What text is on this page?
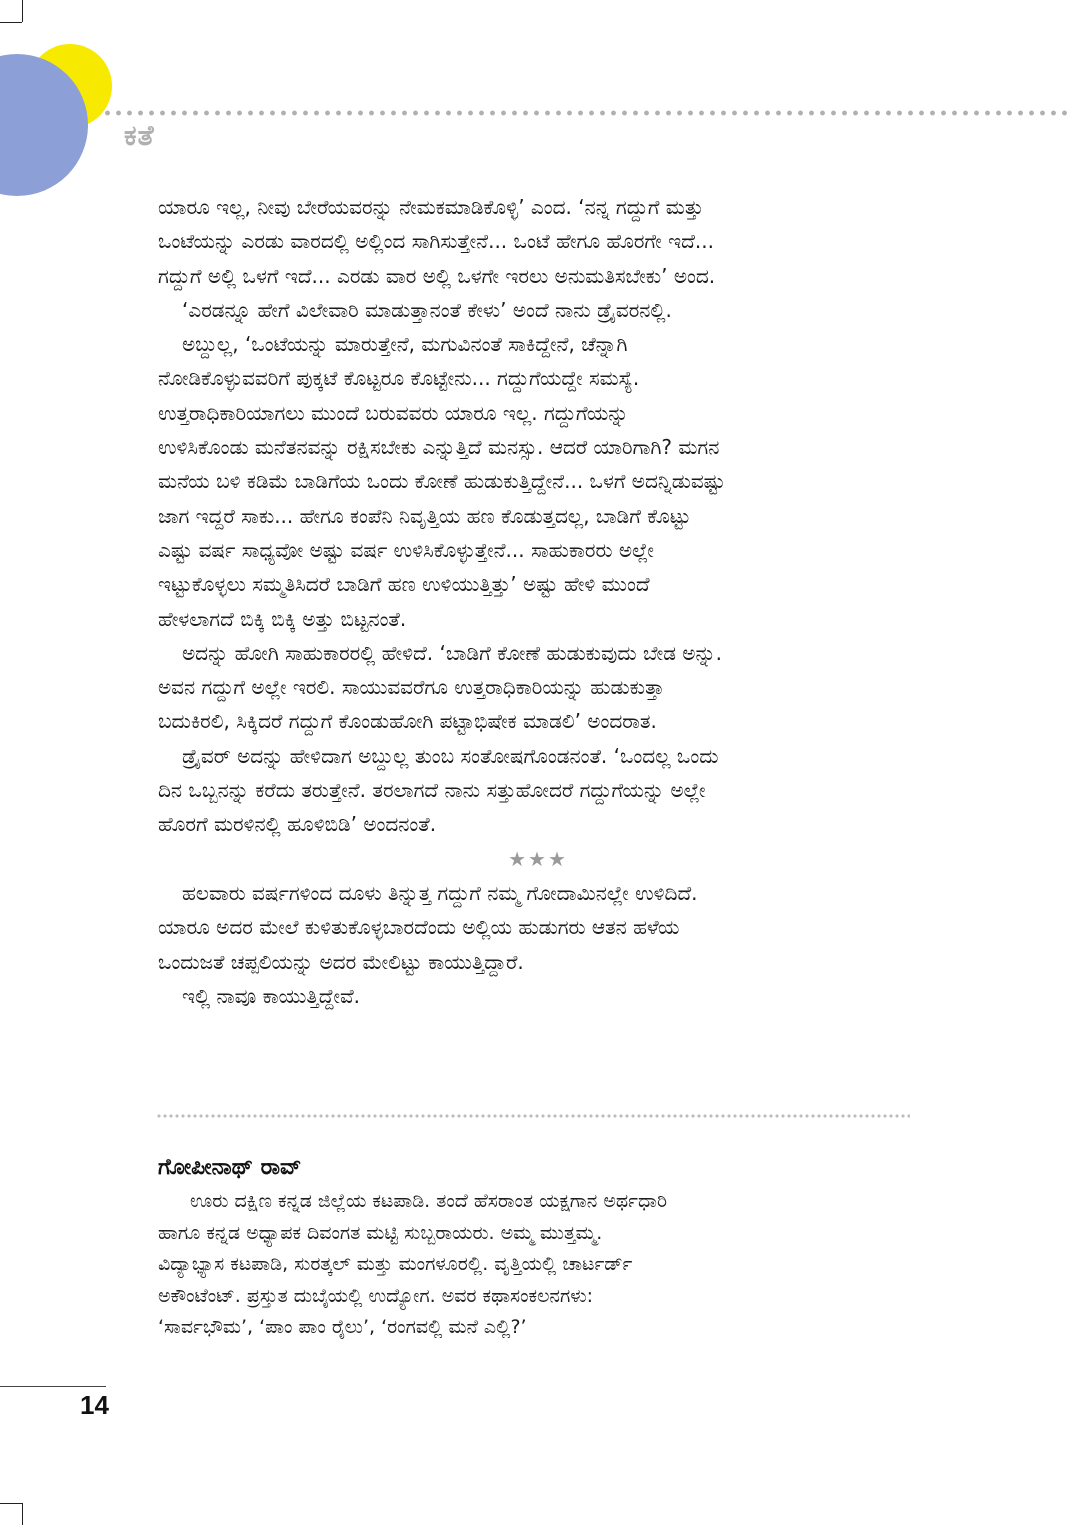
ಕತೆ

ಯಾರೂ ಇಲ್ಲ, ನೀವು ಬೇರೆಯವರನ್ನು ನೇಮಕಮಾಡಿಕೊಳ್ಳಿ’ ಎಂದ. ‘ನನ್ನ ಗದ್ದುಗೆ ಮತ್ತು

ಒಂಟೆಯನ್ನು ಎರಡು ವಾರದಲ್ಲಿ ಅಲ್ಲಿಂದ ಸಾಗಿಸುತ್ತೇನೆ... ಒಂಟೆ ಹೇಗೂ ಹೊರಗೇ ಇದೆ...

ಗದ್ದುಗೆ ಅಲ್ಲಿ ಒಳಗೆ ಇದೆ... ಎರಡು ವಾರ ಅಲ್ಲಿ ಒಳಗೇ ಇರಲು ಅನುಮತಿಸಬೇಕು’ ಅಂದ.

‘ಎರಡನ್ನೂ ಹೇಗೆ ವಿಲೇವಾರಿ ಮಾಡುತ್ತಾನಂತೆ ಕೇಳು’ ಅಂದೆ ನಾನು ಡ್ರೈವರನಲ್ಲಿ.

ಅಬ್ದುಲ್ಲ, ‘ಒಂಟೆಯನ್ನು ಮಾರುತ್ತೇನೆ, ಮಗುವಿನಂತೆ ಸಾಕಿದ್ದೇನೆ, ಚೆನ್ನಾಗಿ

ನೋಡಿಕೊಳ್ಳುವವರಿಗೆ ಪುಕ್ಕಟೆ ಕೊಟ್ಟರೂ ಕೊಟ್ಟೇನು... ಗದ್ದುಗೆಯದ್ದೇ ಸಮಸ್ಯೆ.

ಉತ್ತರಾಧಿಕಾರಿಯಾಗಲು ಮುಂದೆ ಬರುವವರು ಯಾರೂ ಇಲ್ಲ. ಗದ್ದುಗೆಯನ್ನು

ಉಳಿಸಿಕೊಂಡು ಮನೆತನವನ್ನು ರಕ್ಷಿಸಬೇಕು ಎನ್ನುತ್ತಿದೆ ಮನಸ್ಸು. ಆದರೆ ಯಾರಿಗಾಗಿ? ಮಗನ

ಮನೆಯ ಬಳಿ ಕಡಿಮೆ ಬಾಡಿಗೆಯ ಒಂದು ಕೋಣೆ ಹುಡುಕುತ್ತಿದ್ದೇನೆ... ಒಳಗೆ ಅದನ್ನಿಡುವಷ್ಟು

ಜಾಗ ಇದ್ದರೆ ಸಾಕು... ಹೇಗೂ ಕಂಪೆನಿ ನಿವೃತ್ತಿಯ ಹಣ ಕೊಡುತ್ತದಲ್ಲ, ಬಾಡಿಗೆ ಕೊಟ್ಟು

ಎಷ್ಟು ವರ್ಷ ಸಾಧ್ಯವೋ ಅಷ್ಟು ವರ್ಷ ಉಳಿಸಿಕೊಳ್ಳುತ್ತೇನೆ... ಸಾಹುಕಾರರು ಅಲ್ಲೇ

ಇಟ್ಟುಕೊಳ್ಳಲು ಸಮ್ಮತಿಸಿದರೆ ಬಾಡಿಗೆ ಹಣ ಉಳಿಯುತ್ತಿತ್ತು’ ಅಷ್ಟು ಹೇಳಿ ಮುಂದೆ

ಹೇಳಲಾಗದೆ ಬಿಕ್ಕಿ ಬಿಕ್ಕಿ ಅತ್ತು ಬಿಟ್ಟನಂತೆ.

ಅದನ್ನು ಹೋಗಿ ಸಾಹುಕಾರರಲ್ಲಿ ಹೇಳಿದೆ. ‘ಬಾಡಿಗೆ ಕೋಣೆ ಹುಡುಕುವುದು ಬೇಡ ಅನ್ನು.

ಅವನ ಗದ್ದುಗೆ ಅಲ್ಲೇ ಇರಲಿ. ಸಾಯುವವರೆಗೂ ಉತ್ತರಾಧಿಕಾರಿಯನ್ನು ಹುಡುಕುತ್ತಾ

ಬದುಕಿರಲಿ, ಸಿಕ್ಕಿದರೆ ಗದ್ದುಗೆ ಕೊಂಡುಹೋಗಿ ಪಟ್ಟಾಭಿಷೇಕ ಮಾಡಲಿ’ ಅಂದರಾತ.

ಡ್ರೈವರ್ ಅದನ್ನು ಹೇಳಿದಾಗ ಅಬ್ದುಲ್ಲ ತುಂಬ ಸಂತೋಷಗೊಂಡನಂತೆ. ‘ಒಂದಲ್ಲ ಒಂದು

ದಿನ ಒಬ್ಬನನ್ನು ಕರೆದು ತರುತ್ತೇನೆ. ತರಲಾಗದೆ ನಾನು ಸತ್ತುಹೋದರೆ ಗದ್ದುಗೆಯನ್ನು ಅಲ್ಲೇ

ಹೊರಗೆ ಮರಳಿನಲ್ಲಿ ಹೂಳಿಬಿಡಿ’ ಅಂದನಂತೆ.

★★★

ಹಲವಾರು ವರ್ಷಗಳಿಂದ ದೂಳು ತಿನ್ನುತ್ತ ಗದ್ದುಗೆ ನಮ್ಮ ಗೋದಾಮಿನಲ್ಲೇ ಉಳಿದಿದೆ.

ಯಾರೂ ಅದರ ಮೇಲೆ ಕುಳಿತುಕೊಳ್ಳಬಾರದೆಂದು ಅಲ್ಲಿಯ ಹುಡುಗರು ಆತನ ಹಳೆಯ

ಒಂದುಜತೆ ಚಪ್ಪಲಿಯನ್ನು ಅದರ ಮೇಲಿಟ್ಟು ಕಾಯುತ್ತಿದ್ದಾರೆ.

ಇಲ್ಲಿ ನಾವೂ ಕಾಯುತ್ತಿದ್ದೇವೆ.

ಗೋಪೀನಾಥ್ ರಾವ್

ಊರು ದಕ್ಷಿಣ ಕನ್ನಡ ಜಿಲ್ಲೆಯ ಕಟಪಾಡಿ. ತಂದೆ ಹೆಸರಾಂತ ಯಕ್ಷಗಾನ ಅರ್ಥಧಾರಿ

ಹಾಗೂ ಕನ್ನಡ ಅಧ್ಯಾಪಕ ದಿವಂಗತ ಮಟ್ಟಿ ಸುಬ್ಬರಾಯರು. ಅಮ್ಮ ಮುತ್ತಮ್ಮ.

ವಿದ್ಯಾಭ್ಯಾಸ ಕಟಪಾಡಿ, ಸುರತ್ಕಲ್ ಮತ್ತು ಮಂಗಳೂರಲ್ಲಿ. ವೃತ್ತಿಯಲ್ಲಿ ಚಾರ್ಟರ್ಡ್

ಅಕೌಂಟೆಂಟ್. ಪ್ರಸ್ತುತ ದುಬೈಯಲ್ಲಿ ಉದ್ಯೋಗ. ಅವರ ಕಥಾಸಂಕಲನಗಳು:

‘ಸಾರ್ವಭೌಮ’, ‘ಪಾಂ ಪಾಂ ರೈಲು’, ‘ರಂಗವಲ್ಲಿ ಮನೆ ಎಲ್ಲಿ?’

14
